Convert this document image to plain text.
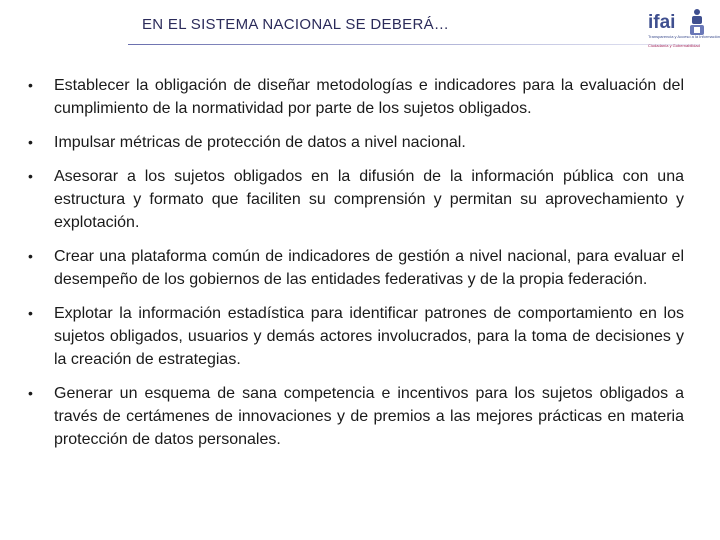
EN EL SISTEMA NACIONAL SE DEBERÁ…	ifai
Transparencia y Acceso a la Información
Ciudadanía y Gobernabilidad
•	Establecer la obligación de diseñar metodologías e indicadores para la evaluación del cumplimiento de la normatividad por parte de los sujetos obligados.
•	Impulsar métricas de protección de datos a nivel nacional.
•	Asesorar a los sujetos obligados en la difusión de la información pública con una estructura y formato que faciliten su comprensión y permitan su aprovechamiento y explotación.
•	Crear una plataforma común de indicadores de gestión a nivel nacional, para evaluar el desempeño de los gobiernos de las entidades federativas y de la propia federación.
•	Explotar la información estadística para identificar patrones de comportamiento en los sujetos obligados, usuarios y demás actores involucrados, para la toma de decisiones y la creación de estrategias.
•	Generar un esquema de sana competencia e incentivos para los sujetos obligados a través de certámenes de innovaciones y de premios a las mejores prácticas en materia protección de datos personales.
